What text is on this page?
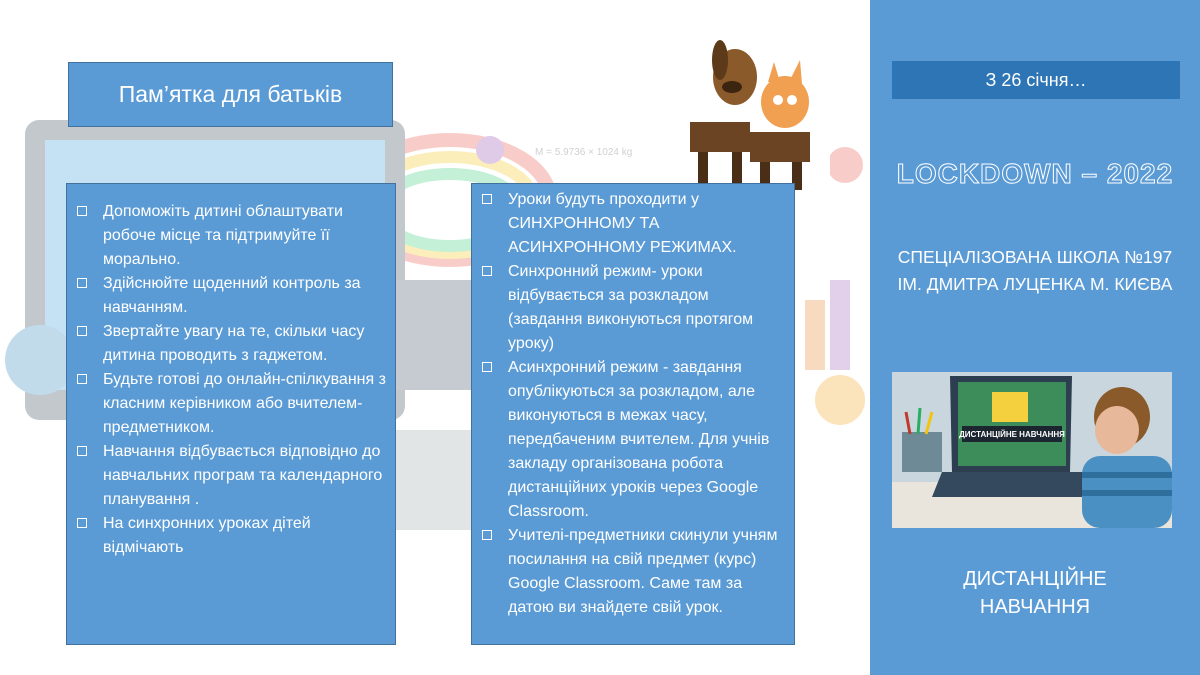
M = 5.9736 × 1024 kg
Пам’ятка для батьків
Допоможіть дитині облаштувати робоче місце та підтримуйте її морально.
Здійснюйте щоденний контроль за навчанням.
Звертайте увагу на те, скільки часу дитина проводить з гаджетом.
Будьте готові до онлайн-спілкування з класним керівником або вчителем-предметником.
Навчання відбувається відповідно до навчальних програм та календарного планування .
На синхронних уроках дітей відмічають
Уроки будуть проходити у СИНХРОННОМУ ТА АСИНХРОННОМУ РЕЖИМАХ.
Синхронний режим- уроки відбувається за розкладом (завдання виконуються протягом уроку)
Асинхронний режим - завдання опублікуються за розкладом, але виконуються в межах часу, передбаченим вчителем. Для учнів закладу організована робота дистанційних уроків через Google Classroom.
Учителі-предметники скинули учням посилання на свій предмет (курс) Google Classroom. Саме там за датою ви знайдете свій урок.
З 26 січня…
LOCKDOWN – 2022
СПЕЦІАЛІЗОВАНА ШКОЛА №197
ІМ. ДМИТРА ЛУЦЕНКА М. КИЄВА
ДИСТАНЦІЙНЕ НАВЧАННЯ
ДИСТАНЦІЙНЕ
НАВЧАННЯ
